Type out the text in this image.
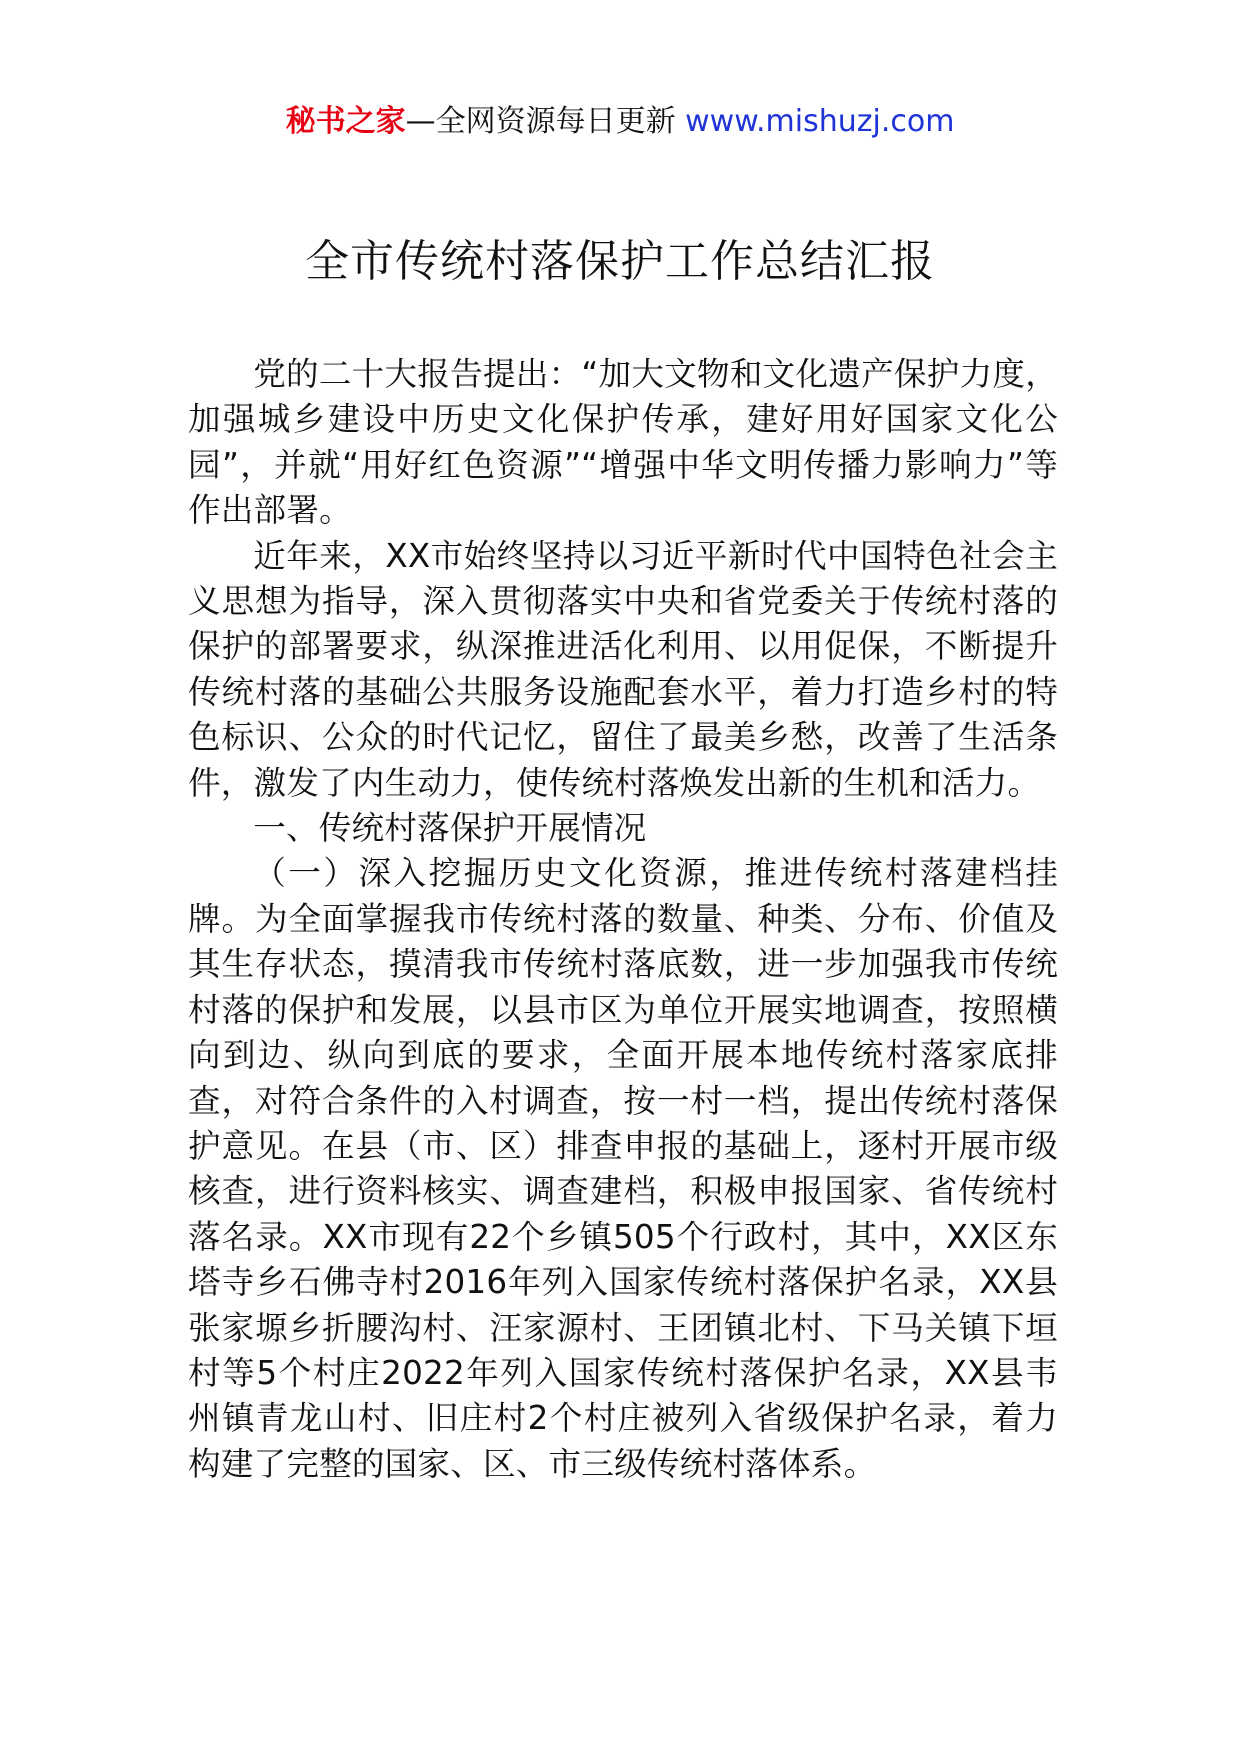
秘书之家—全网资源每日更新 www.mishuzj.com
全市传统村落保护工作总结汇报

党的二十大报告提出：“加大文物和文化遗产保护力度，加强城乡建设中历史文化保护传承，建好用好国家文化公园”，并就“用好红色资源”“增强中华文明传播力影响力”等作出部署。

近年来，XX市始终坚持以习近平新时代中国特色社会主义思想为指导，深入贯彻落实中央和省党委关于传统村落的保护的部署要求，纵深推进活化利用、以用促保，不断提升传统村落的基础公共服务设施配套水平，着力打造乡村的特色标识、公众的时代记忆，留住了最美乡愁，改善了生活条件，激发了内生动力，使传统村落焕发出新的生机和活力。

一、传统村落保护开展情况

（一）深入挖掘历史文化资源，推进传统村落建档挂牌。为全面掌握我市传统村落的数量、种类、分布、价值及其生存状态，摸清我市传统村落底数，进一步加强我市传统村落的保护和发展，以县市区为单位开展实地调查，按照横向到边、纵向到底的要求，全面开展本地传统村落家底排查，对符合条件的入村调查，按一村一档，提出传统村落保护意见。在县（市、区）排查申报的基础上，逐村开展市级核查，进行资料核实、调查建档，积极申报国家、省传统村落名录。XX市现有22个乡镇505个行政村，其中，XX区东塔寺乡石佛寺村2016年列入国家传统村落保护名录，XX县张家塬乡折腰沟村、汪家源村、王团镇北村、下马关镇下垣村等5个村庄2022年列入国家传统村落保护名录，XX县韦州镇青龙山村、旧庄村2个村庄被列入省级保护名录，着力构建了完整的国家、区、市三级传统村落体系。
